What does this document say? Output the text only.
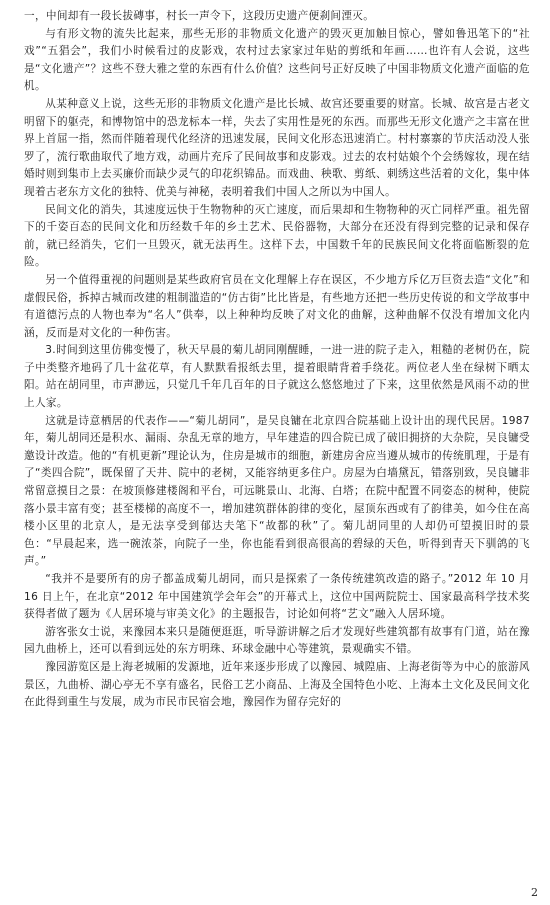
一，中间却有一段长拔磚事，村长一声令下，这段历史遗产便刹间湮灭。

与有形文物的流失比起来，那些无形的非物质文化遗产的毁灭更加触目惊心，譬如鲁迅笔下的“社戏”“五猖会”，我们小时候看过的皮影戏，农村过去家家过年贴的剪纸和年画……也许有人会说，这些是“文化遗产”？这些不登大雅之堂的东西有什么价值？这些问号正好反映了中国非物质文化遗产面临的危机。

从某种意义上说，这些无形的非物质文化遗产是比长城、故宫还要重要的财富。长城、故宫是古老文明留下的躯壳，和博物馆中的恐龙标本一样，失去了实用性是死的东西。而那些无形文化遗产之丰富在世界上首屈一指，然而伴随着现代化经济的迅速发展，民间文化形态迅速消亡。村村寨寨的节庆活动没人张罗了，流行歌曲取代了地方戏，动画片充斥了民间故事和皮影戏。过去的农村姑娘个个会绣嫁妆，现在结婚时则到集市上去买廉价而缺少灵气的印花织锦品。而戏曲、秧歌、剪纸、刺绣这些活着的文化，集中体现着古老东方文化的独特、优美与神秘，表明着我们中国人之所以为中国人。

民间文化的消失，其速度远快于生物物种的灭亡速度，而后果却和生物物种的灭亡同样严重。祖先留下的千姿百态的民间文化和历经数千年的乡土艺术、民俗器物，大部分在还没有得到完整的记录和保存前，就已经消失，它们一旦毁灭，就无法再生。这样下去，中国数千年的民族民间文化将面临断裂的危险。

另一个值得重视的问题则是某些政府官员在文化理解上存在误区，不少地方斥亿万巨资去造“文化”和虚假民俗，拆掉古城而改建的粗制滥造的“仿古街”比比皆是，有些地方还把一些历史传说的和文学故事中有道德污点的人物也奉为“名人”供奉，以上种种均反映了对文化的曲解，这种曲解不仅没有增加文化内涵，反而是对文化的一种伤害。

3.时间到这里仿佛变慢了，秋天早晨的菊儿胡同刚醒睡，一进一进的院子走入，粗糙的老树仍在，院子中类整齐地码了几十盆花草，有人默默看报纸去里，提着眼睛背着手绕花。两位老人坐在绿树下晒太阳。站在胡同里，市声渺远，只觉几千年几百年的日子就这么悠悠地过了下来，这里依然是风雨不动的世上人家。

这就是诗意栖居的代表作——“菊儿胡同”，是吴良镛在北京四合院基础上设计出的现代民居。1987 年，菊儿胡同还是积水、漏雨、杂乱无章的地方，早年建造的四合院已成了破旧拥挤的大杂院，吴良镛受邀设计改造。他的“有机更新”理论认为，住房是城市的细胞，新建房舍应当遵从城市的传统肌理，于是有了“类四合院”，既保留了天井、院中的老树，又能容纳更多住户。房屋为白墙黛瓦，错落别致，吴良镛非常留意摸目之景：在坡顶修建楼阁和平台，可远眺景山、北海、白塔；在院中配置不同姿态的树种，使院落小景丰富有变；甚至楼梯的高度不一，增加建筑群体韵律的变化，屋顶东西或有了韵律美，如今住在高楼小区里的北京人，是无法享受到郁达夫笔下“故都的秋”了。菊儿胡同里的人却仍可望摸旧时的景色：“早晨起来，选一碗浓茶，向院子一坐，你也能看到很高很高的碧绿的天色，听得到青天下驯鸽的飞声。”

“我并不是要所有的房子都盖成菊儿胡同，而只是探索了一条传统建筑改造的路子。”2012 年 10 月 16 日上午，在北京“2012 年中国建筑学会年会”的开幕式上，这位中国两院院士、国家最高科学技术奖获得者做了题为《人居环境与审美文化》的主题报告，讨论如何将“艺文”融入人居环境。

游客张女士说，来豫园本来只是随便逛逛，听导游讲解之后才发现好些建筑都有故事有门道，站在豫园九曲桥上，还可以看到远处的东方明珠、环球金融中心等建筑，景观确实不错。

豫园游览区是上海老城厢的发源地，近年来逐步形成了以豫园、城隍庙、上海老街等为中心的旅游风景区，九曲桥、湖心亭无不享有盛名，民俗工艺小商品、上海及全国特色小吃、上海本土文化及民间文化在此得到重生与发展，成为市民市民宿会地，豫园作为留存完好的

2
